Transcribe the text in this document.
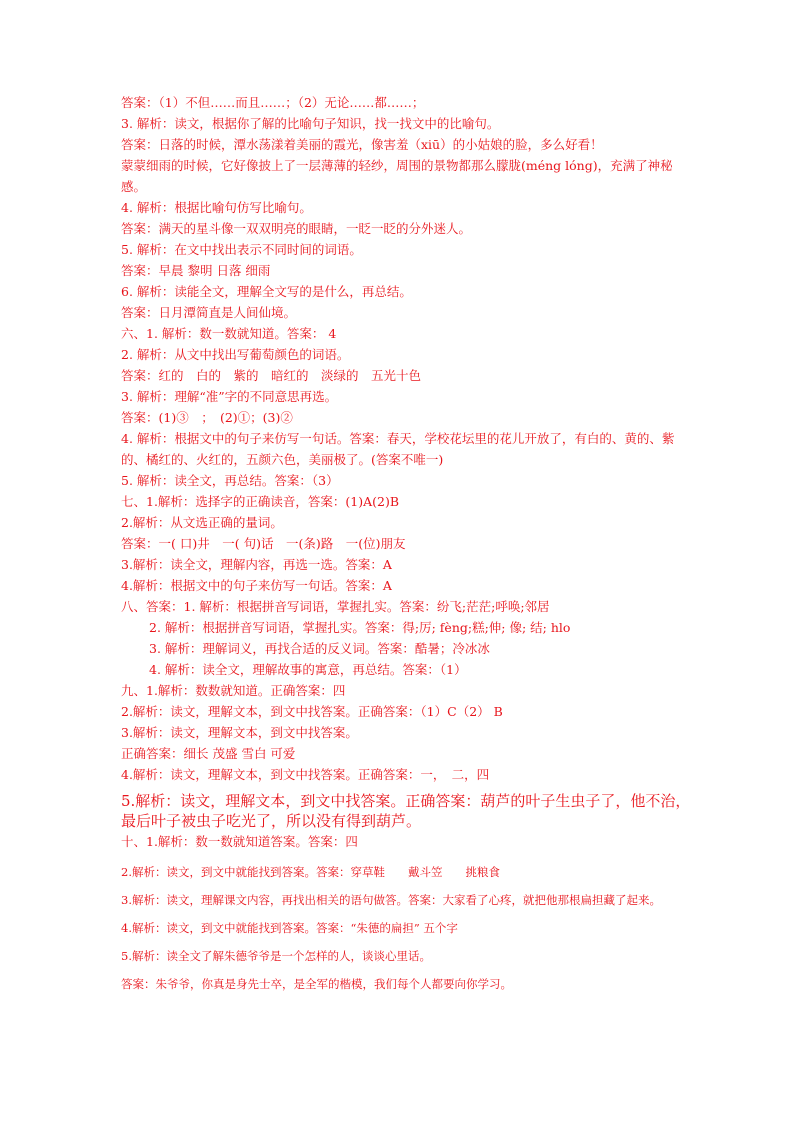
答案：（1）不但……而且……；（2）无论……都……；
3. 解析：读文，根据你了解的比喻句子知识，找一找文中的比喻句。
答案：日落的时候，潭水荡漾着美丽的霞光，像害羞（xiū）的小姑娘的脸，多么好看！
蒙蒙细雨的时候，它好像披上了一层薄薄的轻纱，周围的景物都那么朦胧(méng lóng)，充满了神秘感。
4. 解析：根据比喻句仿写比喻句。
答案：满天的星斗像一双双明亮的眼睛，一眨一眨的分外迷人。
5. 解析：在文中找出表示不同时间的词语。
答案：早晨 黎明 日落 细雨
6. 解析：读能全文，理解全文写的是什么，再总结。
答案：日月潭简直是人间仙境。
六、1. 解析：数一数就知道。答案： 4
2. 解析：从文中找出写葡萄颜色的词语。
答案：红的　白的　紫的　暗红的　淡绿的　五光十色
3. 解析：理解“准”字的不同意思再选。
答案：(1)③　；　(2)①；(3)②
4. 解析：根据文中的句子来仿写一句话。答案：春天，学校花坛里的花儿开放了，有白的、黄的、紫的、橘红的、火红的，五颜六色，美丽极了。(答案不唯一)
5. 解析：读全文，再总结。答案：（3）
七、1.解析：选择字的正确读音，答案：(1)A(2)B
2.解析：从文选正确的量词。
答案：一( 口)井　一( 句)话　一(条)路　一(位)朋友
3.解析：读全文，理解内容，再选一选。答案：A
4.解析：根据文中的句子来仿写一句话。答案：A
八、答案：1. 解析：根据拼音写词语，掌握扎实。答案：纷飞;茫茫;呼唤;邻居
2. 解析：根据拼音写词语，掌握扎实。答案：得;厉; fèng;糕;伸; 像; 结; hlo
3. 解析：理解词义，再找合适的反义词。答案：酷暑；冷冰冰
4. 解析：读全文，理解故事的寓意，再总结。答案：（1）
九、1.解析：数数就知道。正确答案：四
2.解析：读文，理解文本，到文中找答案。正确答案：（1）C（2） B
3.解析：读文，理解文本，到文中找答案。
正确答案：细长 茂盛 雪白 可爱
4.解析：读文，理解文本，到文中找答案。正确答案：一，　二，四
5.解析：读文，理解文本，到文中找答案。正确答案：葫芦的叶子生虫子了，他不治，最后叶子被虫子吃光了，所以没有得到葫芦。
十、1.解析：数一数就知道答案。答案：四
2.解析：读文，到文中就能找到答案。答案：穿草鞋　　戴斗笠　　挑粮食
3.解析：读文，理解课文内容，再找出相关的语句做答。答案：大家看了心疼，就把他那根扁担藏了起来。
4.解析：读文，到文中就能找到答案。答案：“朱德的扁担” 五个字
5.解析：读全文了解朱德爷爷是一个怎样的人，谈谈心里话。
答案：朱爷爷，你真是身先士卒，是全军的楷模，我们每个人都要向你学习。
